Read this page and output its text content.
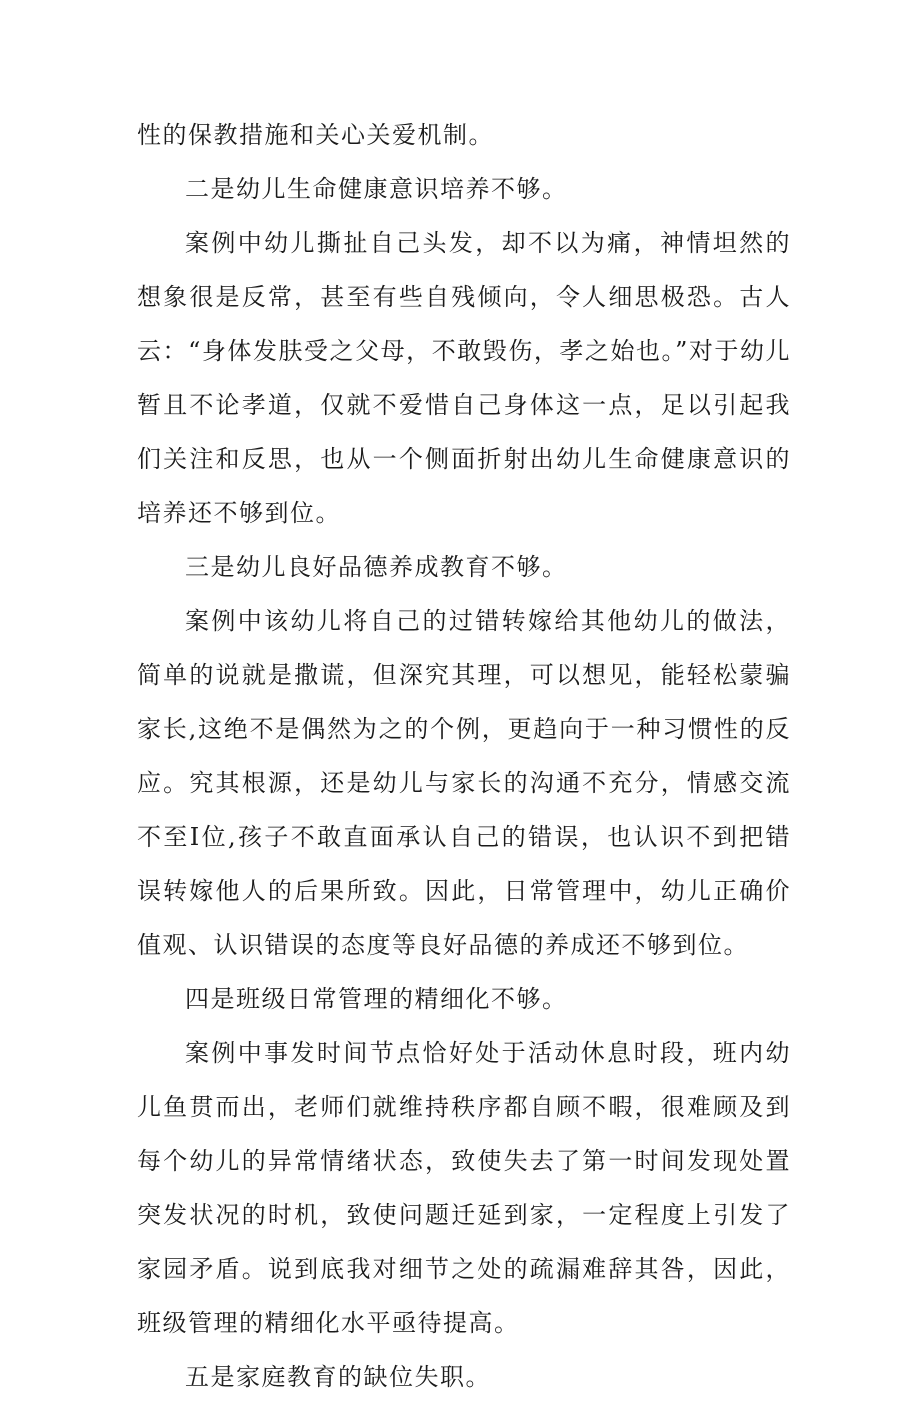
性的保教措施和关心关爱机制。

二是幼儿生命健康意识培养不够。

案例中幼儿撕扯自己头发，却不以为痛，神情坦然的想象很是反常，甚至有些自残倾向，令人细思极恐。古人云：“身体发肤受之父母，不敢毁伤，孝之始也。”对于幼儿暂且不论孝道，仅就不爱惜自己身体这一点，足以引起我们关注和反思，也从一个侧面折射出幼儿生命健康意识的培养还不够到位。

三是幼儿良好品德养成教育不够。

案例中该幼儿将自己的过错转嫁给其他幼儿的做法，简单的说就是撒谎，但深究其理，可以想见，能轻松蒙骗家长,这绝不是偶然为之的个例，更趋向于一种习惯性的反应。究其根源，还是幼儿与家长的沟通不充分，情感交流不至I位,孩子不敢直面承认自己的错误，也认识不到把错误转嫁他人的后果所致。因此，日常管理中，幼儿正确价值观、认识错误的态度等良好品德的养成还不够到位。

四是班级日常管理的精细化不够。

案例中事发时间节点恰好处于活动休息时段，班内幼儿鱼贯而出，老师们就维持秩序都自顾不暇，很难顾及到每个幼儿的异常情绪状态，致使失去了第一时间发现处置突发状况的时机，致使问题迁延到家，一定程度上引发了家园矛盾。说到底我对细节之处的疏漏难辞其咎，因此，班级管理的精细化水平亟待提高。

五是家庭教育的缺位失职。
